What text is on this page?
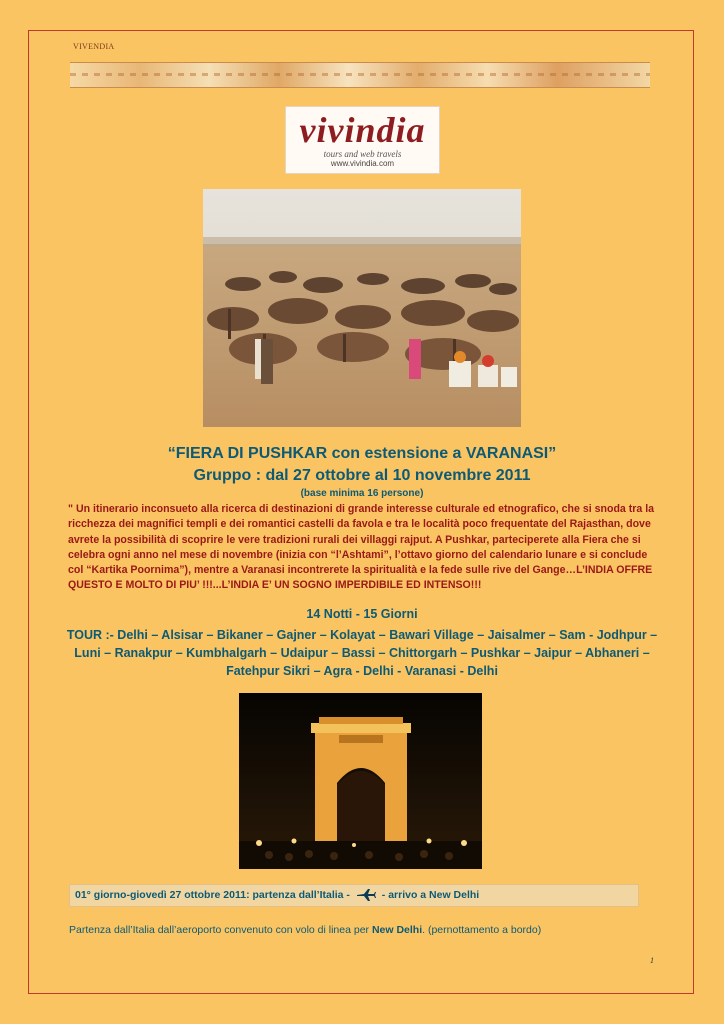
VIVENDIA
vivindia
tours and web travels
www.vivindia.com
“FIERA DI PUSHKAR con estensione a VARANASI”
Gruppo : dal 27 ottobre al 10 novembre 2011
(base minima 16 persone)
" Un itinerario inconsueto alla ricerca di destinazioni di grande interesse culturale ed etnografico, che si snoda tra la ricchezza dei magnifici templi e dei romantici castelli da favola e tra le località poco frequentate del Rajasthan, dove avrete la possibilità di scoprire le vere tradizioni rurali dei villaggi rajput. A Pushkar, parteciperete alla Fiera che si celebra ogni anno nel mese di novembre (inizia con “l’Ashtami”, l’ottavo giorno del calendario lunare e si conclude col “Kartika Poornima”), mentre a Varanasi incontrerete la spiritualità e la fede sulle rive del Gange…L’INDIA OFFRE QUESTO E MOLTO DI PIU’ !!!...L’INDIA E’ UN SOGNO IMPERDIBILE ED INTENSO!!!
14 Notti - 15 Giorni
TOUR :- Delhi – Alsisar – Bikaner – Gajner – Kolayat – Bawari Village – Jaisalmer – Sam - Jodhpur – Luni – Ranakpur – Kumbhalgarh – Udaipur – Bassi – Chittorgarh – Pushkar – Jaipur – Abhaneri – Fatehpur Sikri – Agra - Delhi - Varanasi - Delhi
01° giorno-giovedì 27 ottobre 2011: partenza dall’Italia -	- arrivo a New Delhi
Partenza dall’Italia dall’aeroporto convenuto con volo di linea per New Delhi. (pernottamento a bordo)
1
